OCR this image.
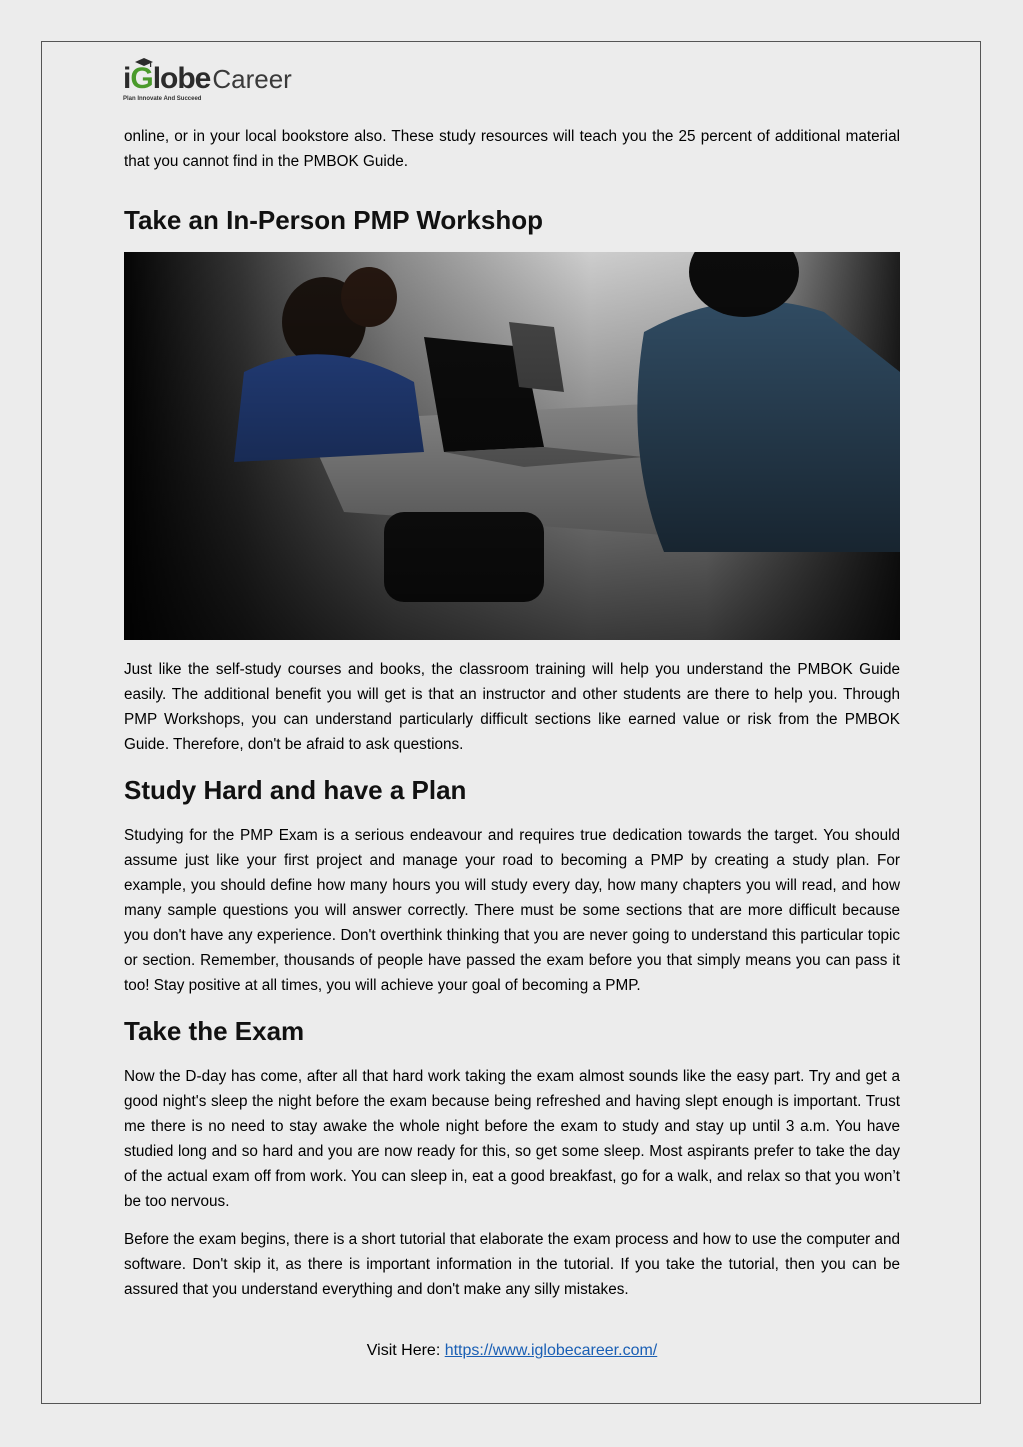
iGlobeCareer
Plan Innovate And Succeed

online, or in your local bookstore also. These study resources will teach you the 25 percent of additional material that you cannot find in the PMBOK Guide.

Take an In-Person PMP Workshop

Just like the self-study courses and books, the classroom training will help you understand the PMBOK Guide easily. The additional benefit you will get is that an instructor and other students are there to help you. Through PMP Workshops, you can understand particularly difficult sections like earned value or risk from the PMBOK Guide. Therefore, don't be afraid to ask questions.

Study Hard and have a Plan

Studying for the PMP Exam is a serious endeavour and requires true dedication towards the target. You should assume just like your first project and manage your road to becoming a PMP by creating a study plan. For example, you should define how many hours you will study every day, how many chapters you will read, and how many sample questions you will answer correctly. There must be some sections that are more difficult because you don't have any experience. Don't overthink thinking that you are never going to understand this particular topic or section. Remember, thousands of people have passed the exam before you that simply means you can pass it too! Stay positive at all times, you will achieve your goal of becoming a PMP.

Take the Exam

Now the D-day has come, after all that hard work taking the exam almost sounds like the easy part. Try and get a good night's sleep the night before the exam because being refreshed and having slept enough is important. Trust me there is no need to stay awake the whole night before the exam to study and stay up until 3 a.m. You have studied long and so hard and you are now ready for this, so get some sleep. Most aspirants prefer to take the day of the actual exam off from work. You can sleep in, eat a good breakfast, go for a walk, and relax so that you won’t be too nervous.

Before the exam begins, there is a short tutorial that elaborate the exam process and how to use the computer and software. Don't skip it, as there is important information in the tutorial. If you take the tutorial, then you can be assured that you understand everything and don't make any silly mistakes.

Visit Here: https://www.iglobecareer.com/
